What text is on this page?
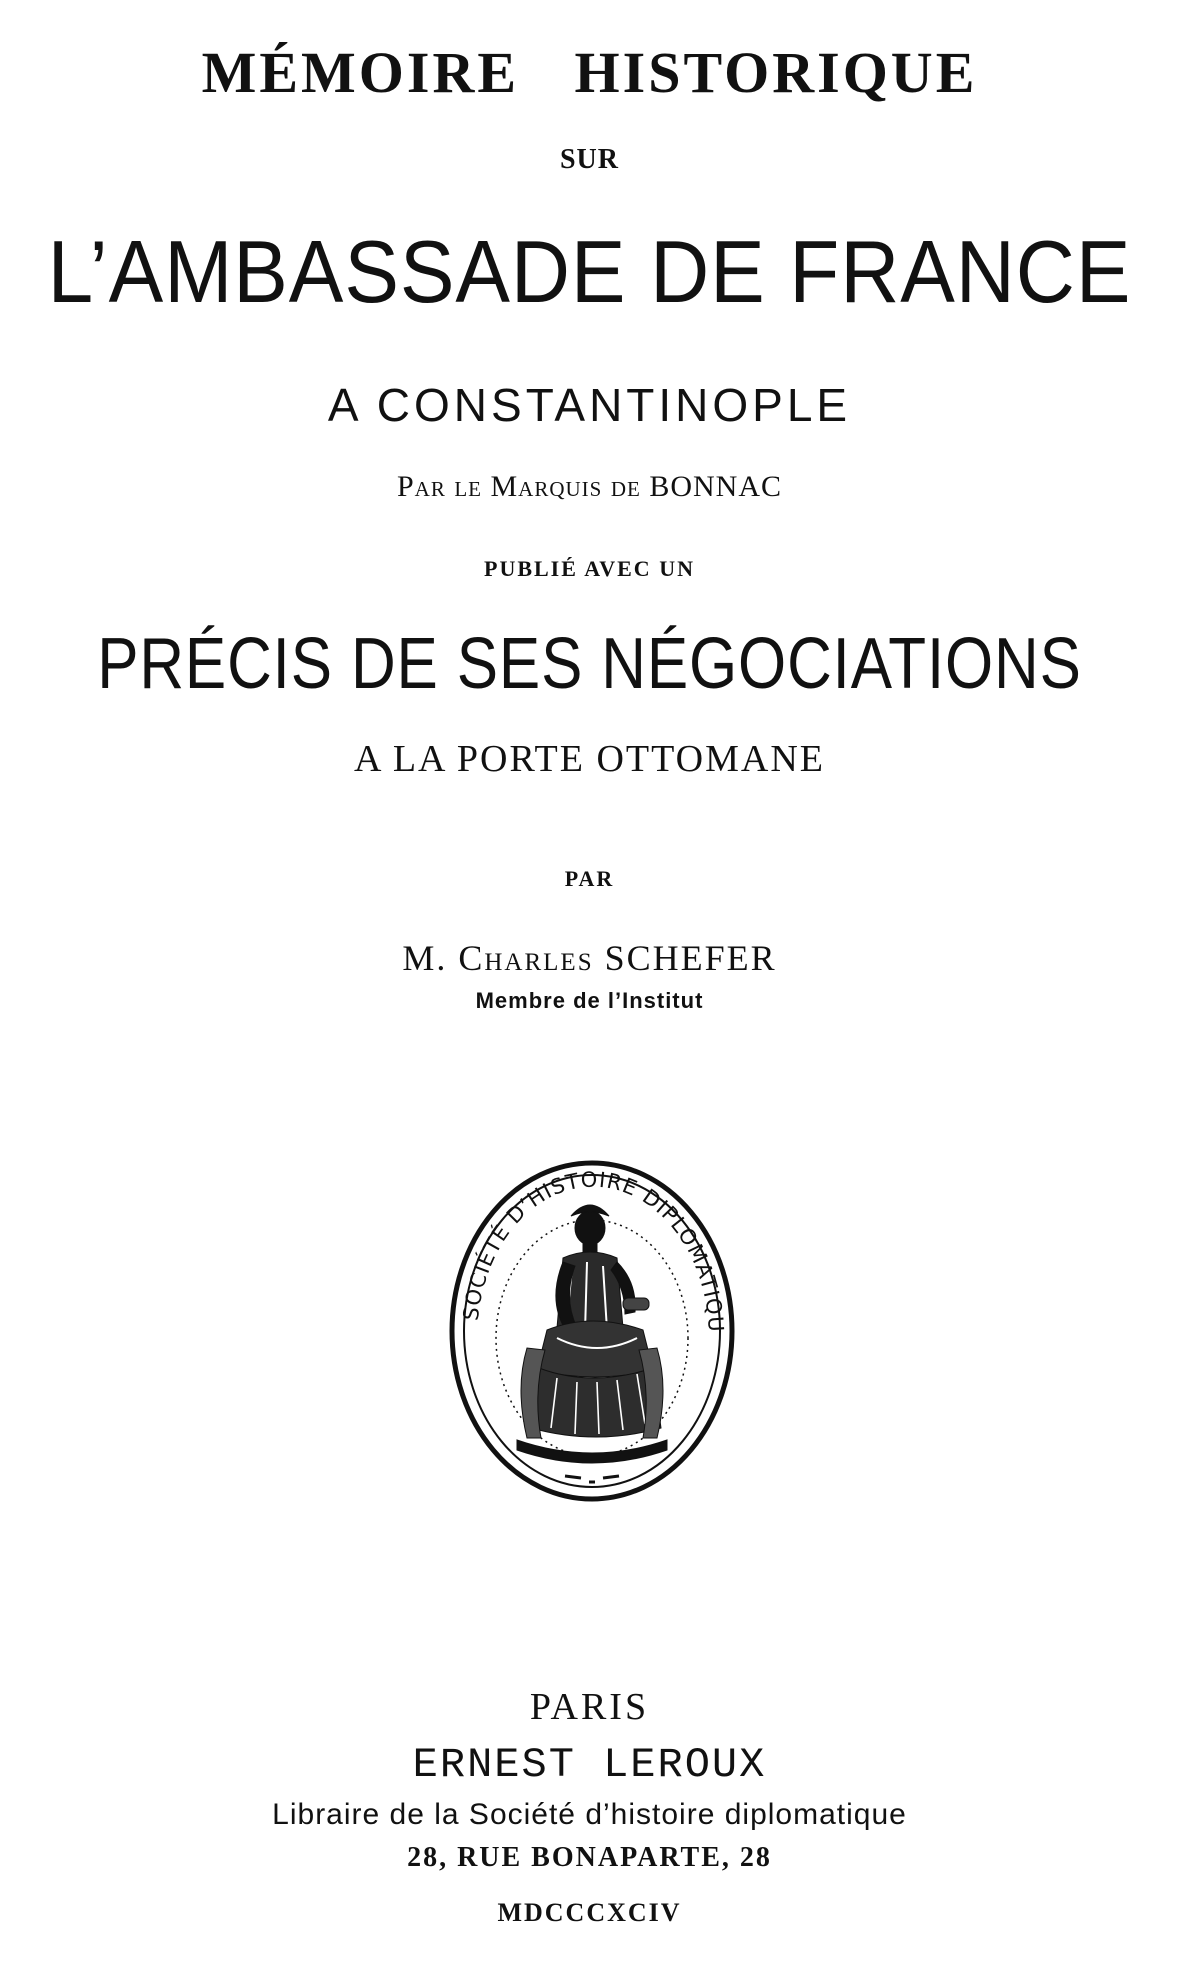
MÉMOIRE HISTORIQUE
SUR
L’AMBASSADE DE FRANCE
A CONSTANTINOPLE
Par le Marquis de BONNAC
PUBLIÉ AVEC UN
PRÉCIS DE SES NÉGOCIATIONS
A LA PORTE OTTOMANE
PAR
M. Charles SCHEFER
Membre de l’Institut
SOCIÉTÉ D’HISTOIRE DIPLOMATIQU
PARIS
ERNEST LEROUX
Libraire de la Société d’histoire diplomatique
28, RUE BONAPARTE, 28
MDCCCXCIV
